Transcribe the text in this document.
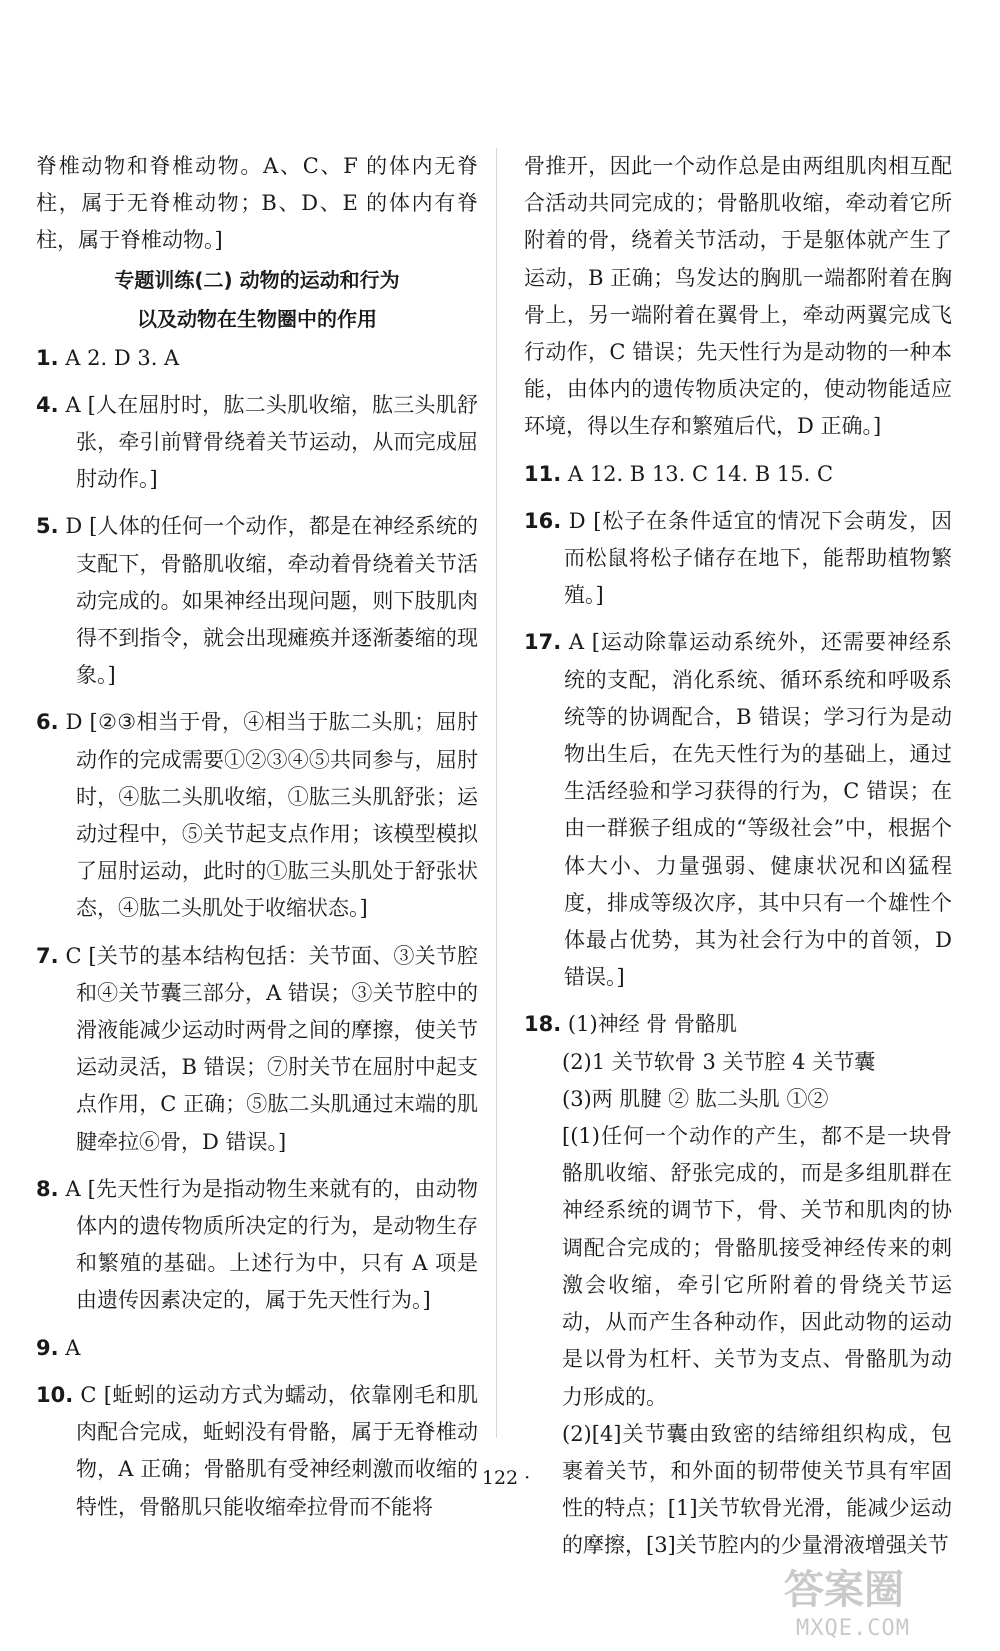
脊椎动物和脊椎动物。A、C、F 的体内无脊柱，属于无脊椎动物；B、D、E 的体内有脊柱，属于脊椎动物。]
专题训练(二) 动物的运动和行为
以及动物在生物圈中的作用
1. A 2. D 3. A
4. A [人在屈肘时，肱二头肌收缩，肱三头肌舒张，牵引前臂骨绕着关节运动，从而完成屈肘动作。]
5. D [人体的任何一个动作，都是在神经系统的支配下，骨骼肌收缩，牵动着骨绕着关节活动完成的。如果神经出现问题，则下肢肌肉得不到指令，就会出现瘫痪并逐渐萎缩的现象。]
6. D [②③相当于骨，④相当于肱二头肌；屈肘动作的完成需要①②③④⑤共同参与，屈肘时，④肱二头肌收缩，①肱三头肌舒张；运动过程中，⑤关节起支点作用；该模型模拟了屈肘运动，此时的①肱三头肌处于舒张状态，④肱二头肌处于收缩状态。]
7. C [关节的基本结构包括：关节面、③关节腔和④关节囊三部分，A 错误；③关节腔中的滑液能减少运动时两骨之间的摩擦，使关节运动灵活，B 错误；⑦肘关节在屈肘中起支点作用，C 正确；⑤肱二头肌通过末端的肌腱牵拉⑥骨，D 错误。]
8. A [先天性行为是指动物生来就有的，由动物体内的遗传物质所决定的行为，是动物生存和繁殖的基础。上述行为中，只有 A 项是由遗传因素决定的，属于先天性行为。]
9. A
10. C [蚯蚓的运动方式为蠕动，依靠刚毛和肌肉配合完成，蚯蚓没有骨骼，属于无脊椎动物，A 正确；骨骼肌有受神经刺激而收缩的特性，骨骼肌只能收缩牵拉骨而不能将
骨推开，因此一个动作总是由两组肌肉相互配合活动共同完成的；骨骼肌收缩，牵动着它所附着的骨，绕着关节活动，于是躯体就产生了运动，B 正确；鸟发达的胸肌一端都附着在胸骨上，另一端附着在翼骨上，牵动两翼完成飞行动作，C 错误；先天性行为是动物的一种本能，由体内的遗传物质决定的，使动物能适应环境，得以生存和繁殖后代，D 正确。]
11. A 12. B 13. C 14. B 15. C
16. D [松子在条件适宜的情况下会萌发，因而松鼠将松子储存在地下，能帮助植物繁殖。]
17. A [运动除靠运动系统外，还需要神经系统的支配，消化系统、循环系统和呼吸系统等的协调配合，B 错误；学习行为是动物出生后，在先天性行为的基础上，通过生活经验和学习获得的行为，C 错误；在由一群猴子组成的“等级社会”中，根据个体大小、力量强弱、健康状况和凶猛程度，排成等级次序，其中只有一个雄性个体最占优势，其为社会行为中的首领，D 错误。]
18. (1)神经 骨 骨骼肌
(2)1 关节软骨 3 关节腔 4 关节囊
(3)两 肌腱 ② 肱二头肌 ①②
[(1)任何一个动作的产生，都不是一块骨骼肌收缩、舒张完成的，而是多组肌群在神经系统的调节下，骨、关节和肌肉的协调配合完成的；骨骼肌接受神经传来的刺激会收缩，牵引它所附着的骨绕关节运动，从而产生各种动作，因此动物的运动是以骨为杠杆、关节为支点、骨骼肌为动力形成的。
(2)[4]关节囊由致密的结缔组织构成，包裹着关节，和外面的韧带使关节具有牢固性的特点；[1]关节软骨光滑，能减少运动的摩擦，[3]关节腔内的少量滑液增强关节
· 122 ·
答案圈
MXQE.COM
